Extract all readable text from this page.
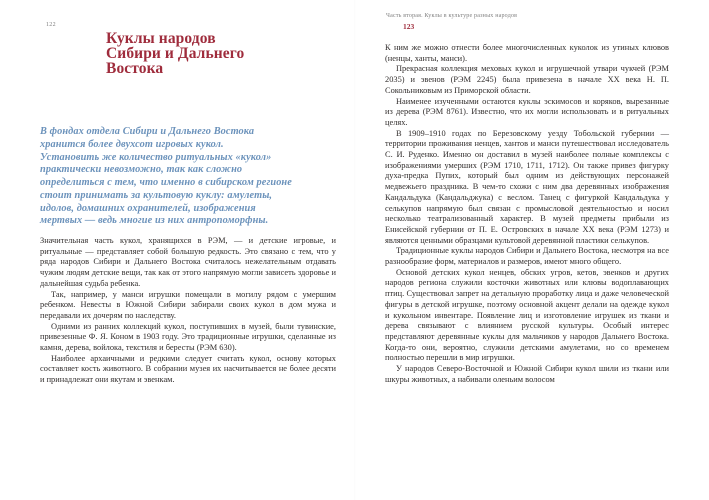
122
Куклы народов
Сибири и Дальнего
Востока
В фондах отдела Сибири и Дальнего Востока
хранится более двухсот игровых кукол.
Установить же количество ритуальных «кукол»
практически невозможно, так как сложно
определиться с тем, что именно в сибирском регионе
стоит принимать за культовую куклу: амулеты,
идолов, домашних охранителей, изображения
мертвых — ведь многие из них антропоморфны.

Значительная часть кукол, хранящихся в РЭМ, — и детские игровые, и ритуальные — представляет собой большую редкость. Это связано с тем, что у ряда народов Сибири и Дальнего Востока считалось нежелательным отдавать чужим людям детские вещи, так как от этого напрямую могли зависеть здоровье и дальнейшая судьба ребенка.

Так, например, у манси игрушки помещали в могилу рядом с умершим ребенком. Невесты в Южной Сибири забирали своих кукол в дом мужа и передавали их дочерям по наследству.

Одними из ранних коллекций кукол, поступивших в музей, были тувинские, привезенные Ф. Я. Коном в 1903 году. Это традиционные игрушки, сделанные из камня, дерева, войлока, текстиля и бересты (РЭМ 630).

Наиболее архаичными и редкими следует считать кукол, основу которых составляет кость животного. В собрании музея их насчитывается не более десяти и принадлежат они якутам и эвенкам.

Часть вторая. Куклы в культуре разных народов
123

К ним же можно отнести более многочисленных куколок из утиных клювов (ненцы, ханты, манси).

Прекрасная коллекция меховых кукол и игрушечной утвари чукчей (РЭМ 2035) и эвенов (РЭМ 2245) была привезена в начале XX века Н. П. Сокольниковым из Приморской области.

Наименее изученными остаются куклы эскимосов и коряков, вырезанные из дерева (РЭМ 8761). Известно, что их могли использовать и в ритуальных целях.

В 1909–1910 годах по Березовскому уезду Тобольской губернии — территории проживания ненцев, хантов и манси путешествовал исследователь С. И. Руденко. Именно он доставил в музей наиболее полные комплексы с изображениями умерших (РЭМ 1710, 1711, 1712). Он также привез фигурку духа-предка Пупих, который был одним из действующих персонажей медвежьего праздника. В чем-то схожи с ним два деревянных изображения Кандальдука (Кандальджука) с веслом. Танец с фигуркой Кандальдука у селькупов напрямую был связан с промысловой деятельностью и носил несколько театрализованный характер. В музей предметы прибыли из Енисейской губернии от П. Е. Островских в начале XX века (РЭМ 1273) и являются ценными образцами культовой деревянной пластики селькупов.

Традиционные куклы народов Сибири и Дальнего Востока, несмотря на все разнообразие форм, материалов и размеров, имеют много общего.

Основой детских кукол ненцев, обских угров, кетов, эвенков и других народов региона служили косточки животных или клювы водоплавающих птиц. Существовал запрет на детальную проработку лица и даже человеческой фигуры в детской игрушке, поэтому основной акцент делали на одежде кукол и кукольном инвентаре. Появление лиц и изготовление игрушек из ткани и дерева связывают с влиянием русской культуры. Особый интерес представляют деревянные куклы для мальчиков у народов Дальнего Востока. Когда-то они, вероятно, служили детскими амулетами, но со временем полностью перешли в мир игрушки.

У народов Северо-Восточной и Южной Сибири кукол шили из ткани или шкуры животных, а набивали оленьим волосом
